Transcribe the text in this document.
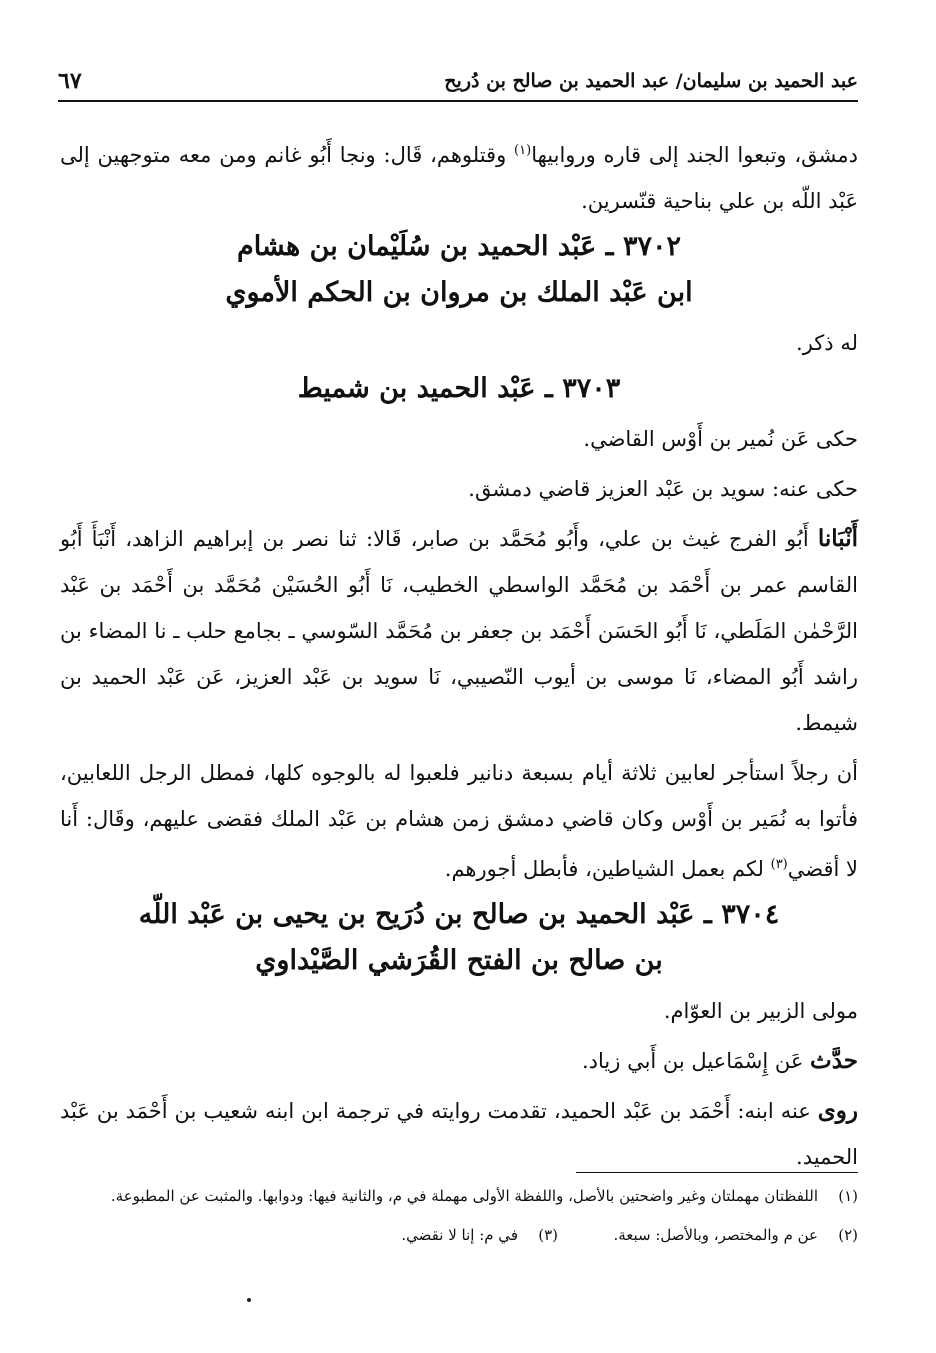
عبد الحميد بن سليمان/ عبد الحميد بن صالح بن دُريح
٦٧

دمشق، وتبعوا الجند إلى قاره وروابيها$^{(١)}$ وقتلوهم، قَال: ونجا أَبُو غانم ومن معه متوجهين إلى عَبْد اللّه بن علي بناحية قنّسرين.

٣٧٠٢ ـ عَبْد الحميد بن سُلَيْمان بن هشام

ابن عَبْد الملك بن مروان بن الحكم الأموي

له ذكر.

٣٧٠٣ ـ عَبْد الحميد بن شميط

حكى عَن نُمير بن أَوْس القاضي.

حكى عنه: سويد بن عَبْد العزيز قاضي دمشق.

أَنْبَانا أَبُو الفرج غيث بن علي، وأَبُو مُحَمَّد بن صابر، قَالا: ثنا نصر بن إبراهيم الزاهد، أَنْبَأَ أَبُو القاسم عمر بن أَحْمَد بن مُحَمَّد الواسطي الخطيب، نَا أَبُو الحُسَيْن مُحَمَّد بن أَحْمَد بن عَبْد الرَّحْمٰن المَلَطي، نَا أَبُو الحَسَن أَحْمَد بن جعفر بن مُحَمَّد السّوسي ـ بجامع حلب ـ نا المضاء بن راشد أَبُو المضاء، نَا موسى بن أيوب النّصيبي، نَا سويد بن عَبْد العزيز، عَن عَبْد الحميد بن شيمط.

أن رجلاً استأجر لعابين ثلاثة أيام بسبعة دنانير فلعبوا له بالوجوه كلها، فمطل الرجل اللعابين، فأتوا به نُمَير بن أَوْس وكان قاضي دمشق زمن هشام بن عَبْد الملك فقضى عليهم، وقَال: أَنا لا أقضي$^{(٣)}$ لكم بعمل الشياطين، فأبطل أجورهم.

٣٧٠٤ ـ عَبْد الحميد بن صالح بن دُرَيح بن يحيى بن عَبْد اللّه

بن صالح بن الفتح القُرَشي الصَّيْداوي

مولى الزبير بن العوّام.

حدَّث عَن إِسْمَاعيل بن أَبي زياد.

روى عنه ابنه: أَحْمَد بن عَبْد الحميد، تقدمت روايته في ترجمة ابن ابنه شعيب بن أَحْمَد بن عَبْد الحميد.

(١)
اللفظتان مهملتان وغير واضحتين بالأصل، واللفظة الأولى مهملة في م، والثانية فيها: ودوابها. والمثبت عن المطبوعة.
(٢)
عن م والمختصر، وبالأصل: سبعة.
(٣)
في م: إنا لا نقضي.
